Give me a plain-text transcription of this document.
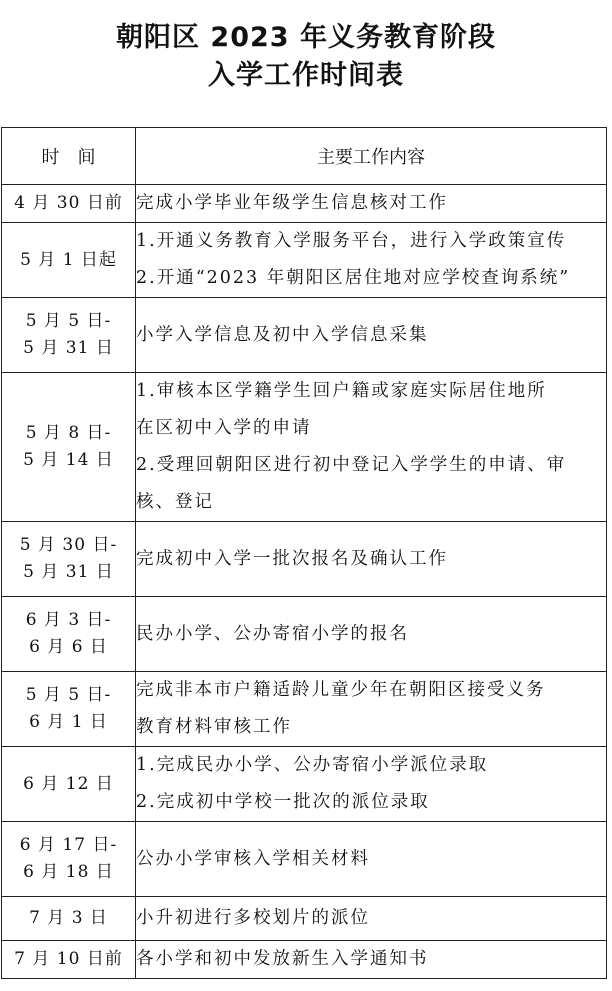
朝阳区 2023 年义务教育阶段
入学工作时间表
时　间	主要工作内容

4 月 30 日前	完成小学毕业年级学生信息核对工作

5 月 1 日起	1.开通义务教育入学服务平台，进行入学政策宣传
2.开通“2023 年朝阳区居住地对应学校查询系统”

5 月 5 日-
5 月 31 日	小学入学信息及初中入学信息采集

5 月 8 日-
5 月 14 日	1.审核本区学籍学生回户籍或家庭实际居住地所
在区初中入学的申请
2.受理回朝阳区进行初中登记入学学生的申请、审
核、登记

5 月 30 日-
5 月 31 日	完成初中入学一批次报名及确认工作

6 月 3 日-
6 月 6 日	民办小学、公办寄宿小学的报名

5 月 5 日-
6 月 1 日	完成非本市户籍适龄儿童少年在朝阳区接受义务
教育材料审核工作

6 月 12 日	1.完成民办小学、公办寄宿小学派位录取
2.完成初中学校一批次的派位录取

6 月 17 日-
6 月 18 日	公办小学审核入学相关材料

7 月 3 日	小升初进行多校划片的派位

7 月 10 日前	各小学和初中发放新生入学通知书
